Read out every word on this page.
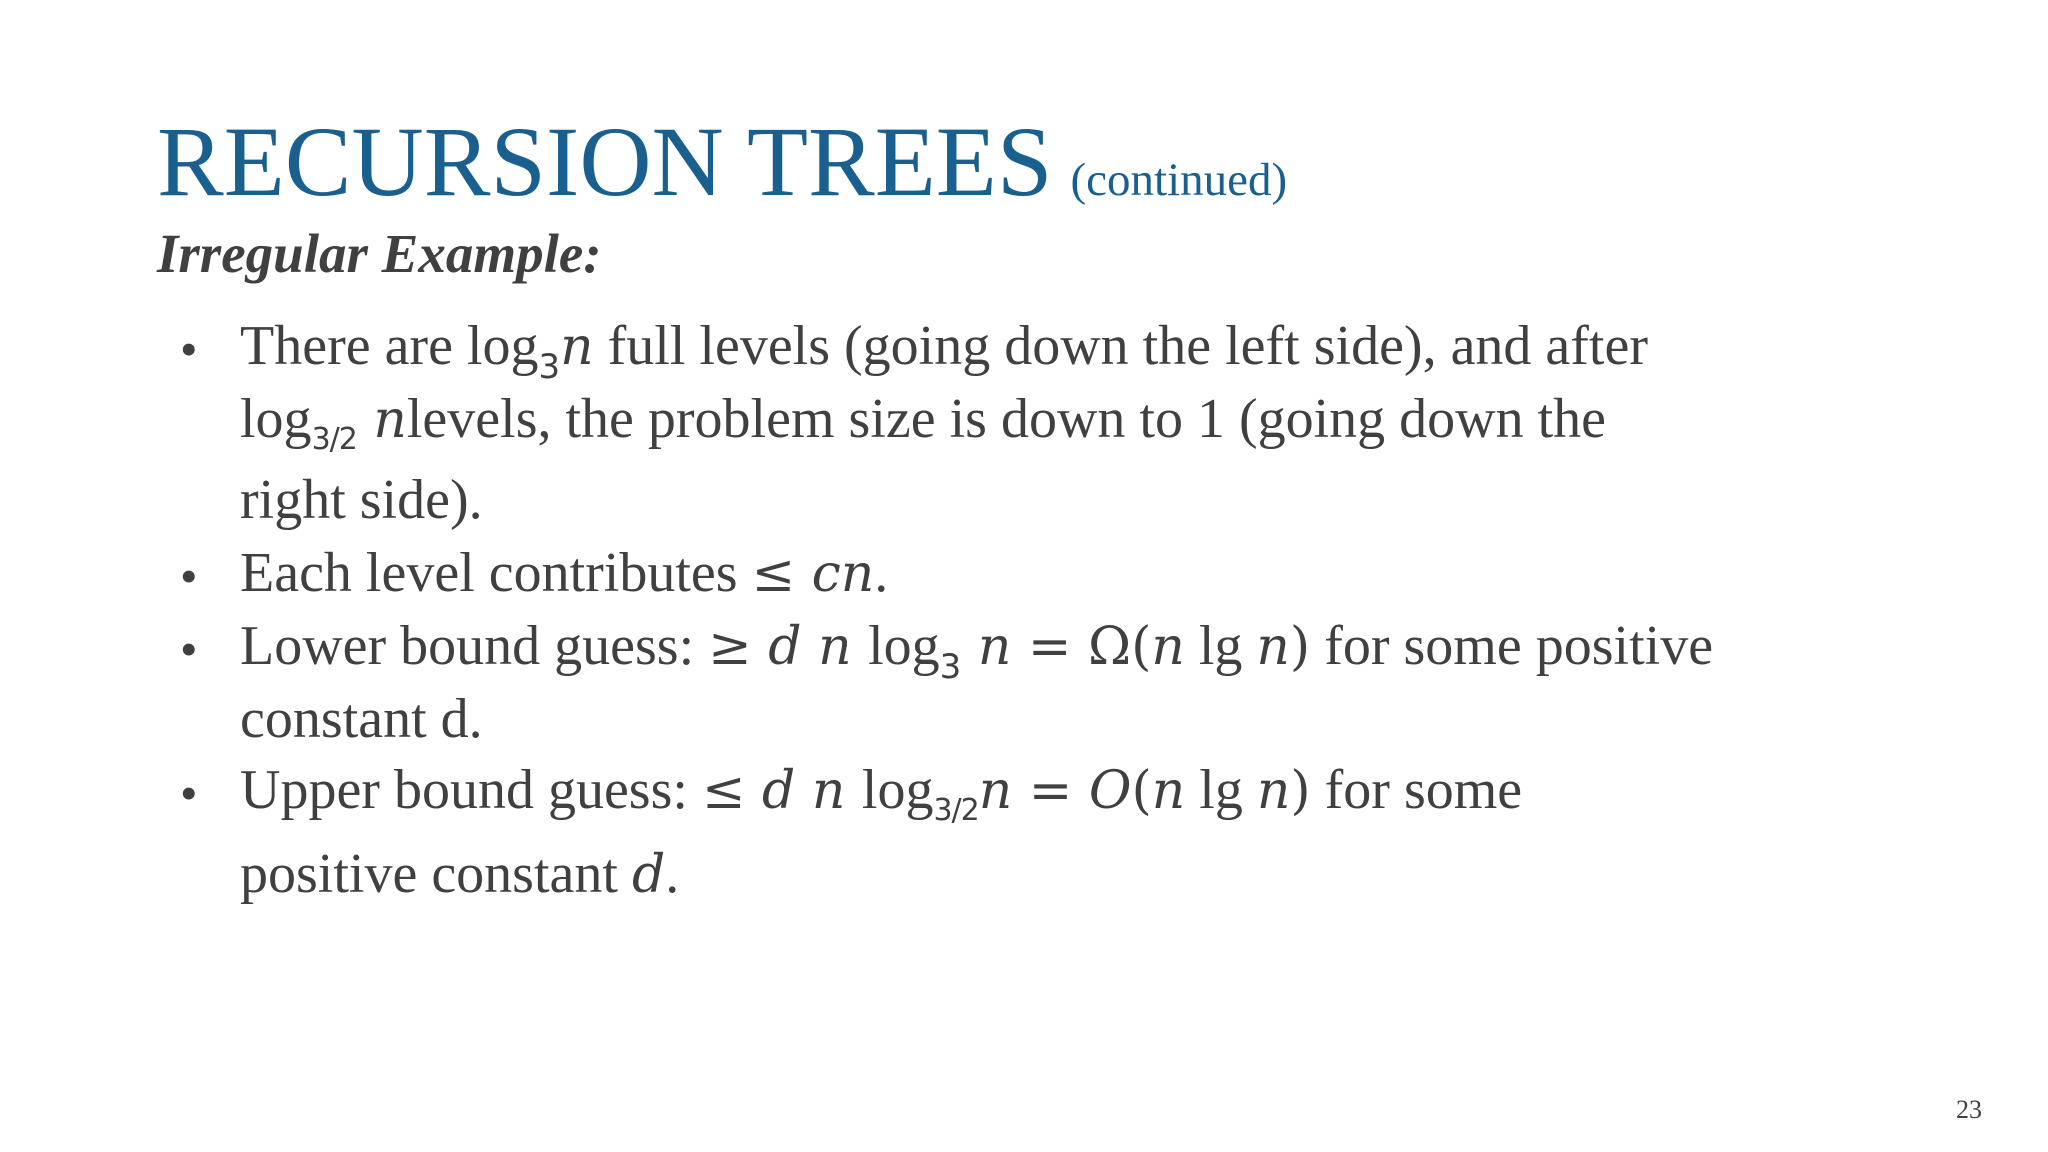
RECURSION TREES (continued)
Irregular Example:
• There are $\log_3n$ full levels (going down the left side), and after
$\log_{3/2}$ nlevels, the problem size is down to 1 (going down the
right side).
• Each level contributes ≤ cn.
• Lower bound guess: ≥ d n $\log_3 n = \Omega(n$ lg n) for some positive
constant d.
• Upper bound guess: ≤ d n $\log_{3/2}n = O(n$ lg n) for some
positive constant d.
23
